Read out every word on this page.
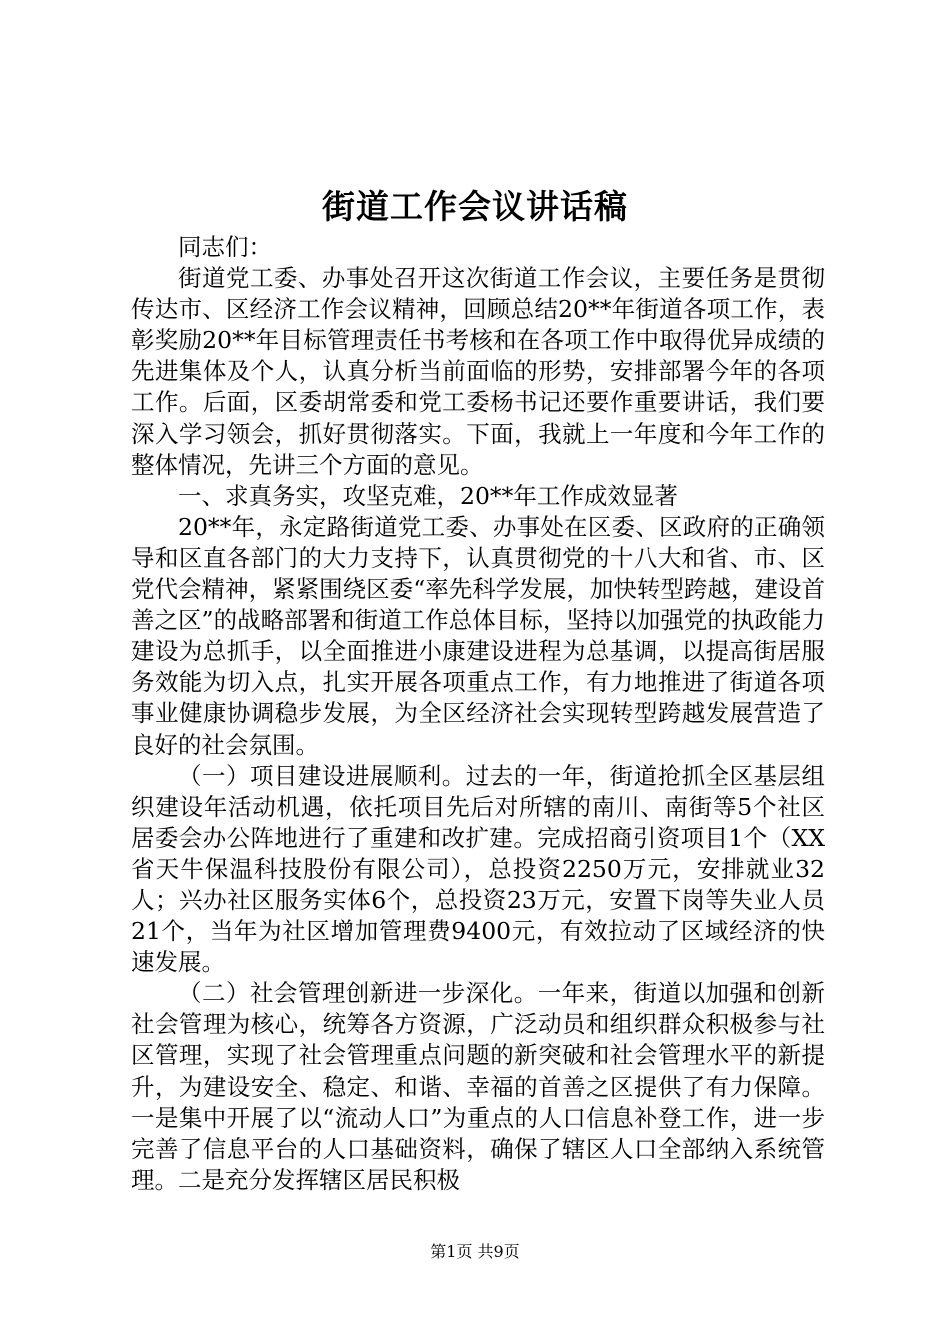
街道工作会议讲话稿

同志们：

街道党工委、办事处召开这次街道工作会议，主要任务是贯彻传达市、区经济工作会议精神，回顾总结20**年街道各项工作，表彰奖励20**年目标管理责任书考核和在各项工作中取得优异成绩的先进集体及个人，认真分析当前面临的形势，安排部署今年的各项工作。后面，区委胡常委和党工委杨书记还要作重要讲话，我们要深入学习领会，抓好贯彻落实。下面，我就上一年度和今年工作的整体情况，先讲三个方面的意见。

一、求真务实，攻坚克难，20**年工作成效显著

20**年，永定路街道党工委、办事处在区委、区政府的正确领导和区直各部门的大力支持下，认真贯彻党的十八大和省、市、区党代会精神，紧紧围绕区委“率先科学发展，加快转型跨越，建设首善之区”的战略部署和街道工作总体目标，坚持以加强党的执政能力建设为总抓手，以全面推进小康建设进程为总基调，以提高街居服务效能为切入点，扎实开展各项重点工作，有力地推进了街道各项事业健康协调稳步发展，为全区经济社会实现转型跨越发展营造了良好的社会氛围。

（一）项目建设进展顺利。过去的一年，街道抢抓全区基层组织建设年活动机遇，依托项目先后对所辖的南川、南街等5个社区居委会办公阵地进行了重建和改扩建。完成招商引资项目1个（XX省天牛保温科技股份有限公司），总投资2250万元，安排就业32人；兴办社区服务实体6个，总投资23万元，安置下岗等失业人员21个，当年为社区增加管理费9400元，有效拉动了区域经济的快速发展。

（二）社会管理创新进一步深化。一年来，街道以加强和创新社会管理为核心，统筹各方资源，广泛动员和组织群众积极参与社区管理，实现了社会管理重点问题的新突破和社会管理水平的新提升，为建设安全、稳定、和谐、幸福的首善之区提供了有力保障。一是集中开展了以“流动人口”为重点的人口信息补登工作，进一步完善了信息平台的人口基础资料，确保了辖区人口全部纳入系统管理。二是充分发挥辖区居民积极

第1页 共9页
